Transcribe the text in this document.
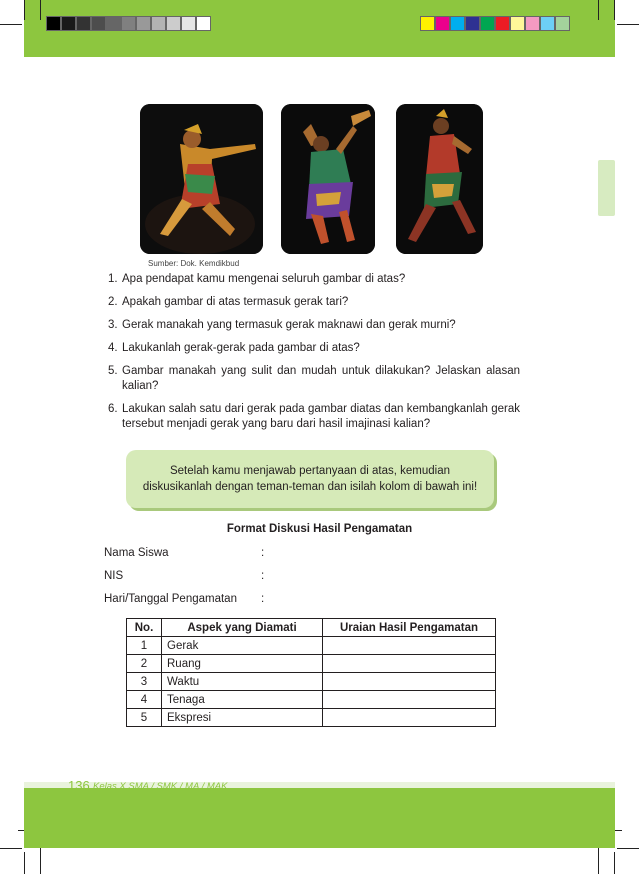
Sumber: Dok. Kemdikbud
1. Apa pendapat kamu mengenai seluruh gambar di atas?
2. Apakah gambar di atas termasuk gerak tari?
3. Gerak manakah yang termasuk gerak maknawi dan gerak murni?
4. Lakukanlah gerak-gerak pada gambar di atas?
5. Gambar manakah yang sulit dan mudah untuk dilakukan? Jelaskan alasan kalian?
6. Lakukan salah satu dari gerak pada gambar diatas dan kembangkanlah gerak tersebut menjadi gerak yang baru dari hasil imajinasi kalian?
Setelah kamu menjawab pertanyaan di atas, kemudian
diskusikanlah dengan teman-teman dan isilah kolom di bawah ini!
Format Diskusi Hasil Pengamatan
Nama Siswa	:
NIS	:
Hari/Tanggal Pengamatan :
No.	Aspek yang Diamati	Uraian Hasil Pengamatan
1	Gerak	
2	Ruang	
3	Waktu	
4	Tenaga	
5	Ekspresi	
136 Kelas X SMA / SMK / MA / MAK
